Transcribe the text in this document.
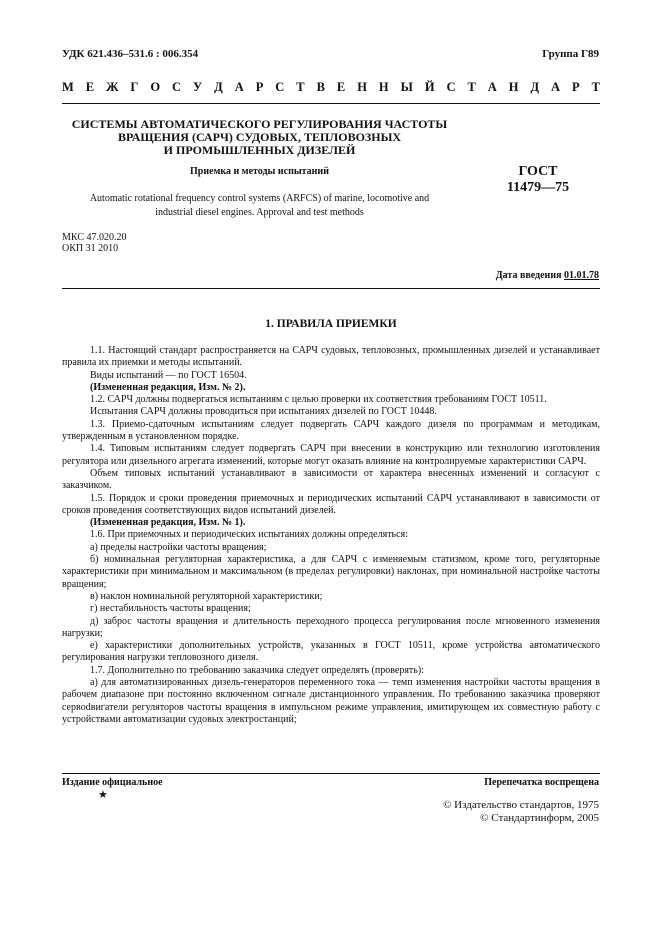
УДК 621.436–531.6 : 006.354	Группа Г89
М Е Ж Г О С У Д А Р С Т В Е Н Н Ы Й С Т А Н Д А Р Т
СИСТЕМЫ АВТОМАТИЧЕСКОГО РЕГУЛИРОВАНИЯ ЧАСТОТЫ
ВРАЩЕНИЯ (САРЧ) СУДОВЫХ, ТЕПЛОВОЗНЫХ
И ПРОМЫШЛЕННЫХ ДИЗЕЛЕЙ
Приемка и методы испытаний
Automatic rotational frequency control systems (ARFCS) of marine, locomotive and
industrial diesel engines. Approval and test methods
ГОСТ
11479—75
МКС 47.020.20
ОКП 31 2010
Дата введения 01.01.78
1. ПРАВИЛА ПРИЕМКИ

1.1. Настоящий стандарт распространяется на САРЧ судовых, тепловозных, промышленных дизелей и устанавливает правила их приемки и методы испытаний.

Виды испытаний — по ГОСТ 16504.

(Измененная редакция, Изм. № 2).

1.2. САРЧ должны подвергаться испытаниям с целью проверки их соответствия требованиям ГОСТ 10511.

Испытания САРЧ должны проводиться при испытаниях дизелей по ГОСТ 10448.

1.3. Приемо-сдаточным испытаниям следует подвергать САРЧ каждого дизеля по программам и методикам, утвержденным в установленном порядке.

1.4. Типовым испытаниям следует подвергать САРЧ при внесении в конструкцию или технологию изготовления регулятора или дизельного агрегата изменений, которые могут оказать влияние на контролируемые характеристики САРЧ.

Объем типовых испытаний устанавливают в зависимости от характера внесенных изменений и согласуют с заказчиком.

1.5. Порядок и сроки проведения приемочных и периодических испытаний САРЧ устанавливают в зависимости от сроков проведения соответствующих видов испытаний дизелей.

(Измененная редакция, Изм. № 1).

1.6. При приемочных и периодических испытаниях должны определяться:

а) пределы настройки частоты вращения;

б) номинальная регуляторная характеристика, а для САРЧ с изменяемым статизмом, кроме того, регуляторные характеристики при минимальном и максимальном (в пределах регулировки) наклонах, при номинальной настройке частоты вращения;

в) наклон номинальной регуляторной характеристики;

г) нестабильность частоты вращения;

д) заброс частоты вращения и длительность переходного процесса регулирования после мгновенного изменения нагрузки;

е) характеристики дополнительных устройств, указанных в ГОСТ 10511, кроме устройства автоматического регулирования нагрузки тепловозного дизеля.

1.7. Дополнительно по требованию заказчика следует определять (проверять):

а) для автоматизированных дизель-генераторов переменного тока — темп изменения настройки частоты вращения в рабочем диапазоне при постоянно включенном сигнале дистанционного управления. По требованию заказчика проверяют сервodвигатели регуляторов частоты вращения в импульсном режиме управления, имитирующем их совместную работу с устройствами автоматизации судовых электростанций;

Издание официальное	Перепечатка воспрещена
★
© Издательство стандартов, 1975
© Стандартинформ, 2005
